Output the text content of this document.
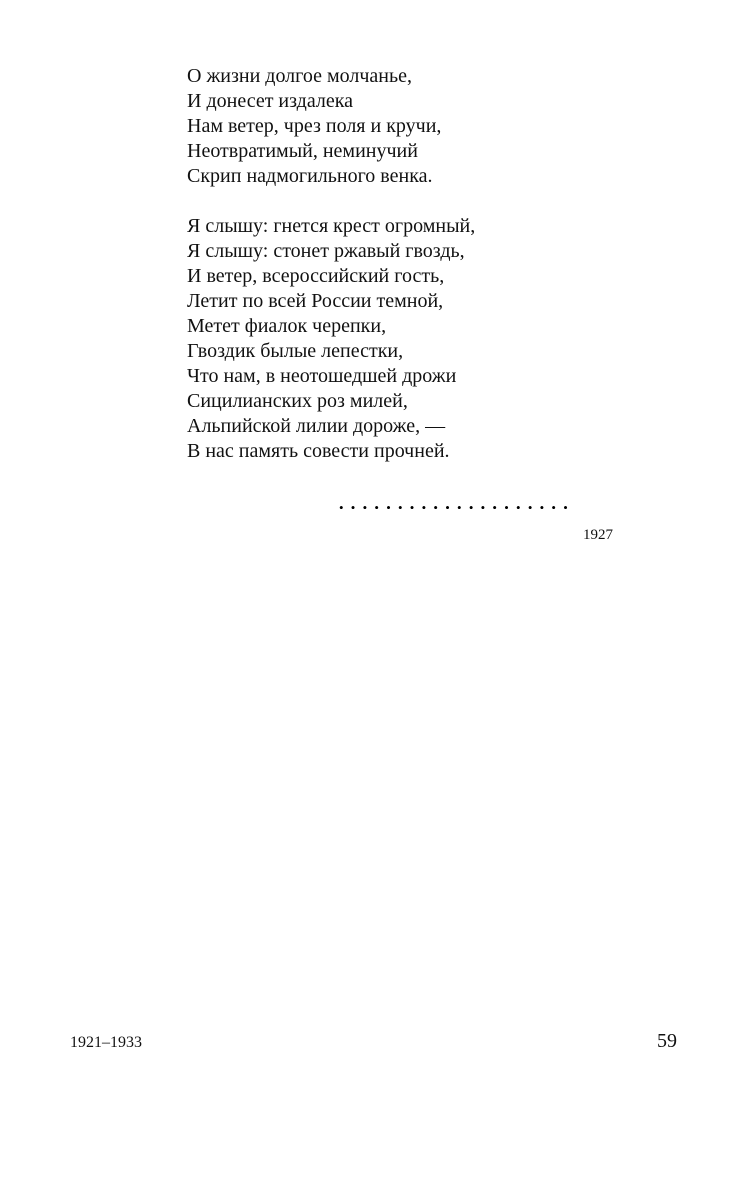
О жизни долгое молчанье,
И донесет издалека
Нам ветер, чрез поля и кручи,
Неотвратимый, неминучий
Скрип надмогильного венка.
Я слышу: гнется крест огромный,
Я слышу: стонет ржавый гвоздь,
И ветер, всероссийский гость,
Летит по всей России темной,
Метет фиалок черепки,
Гвоздик былые лепестки,
Что нам, в неотошедшей дрожи
Сицилианских роз милей,
Альпийской лилии дороже, —
В нас память совести прочней.
• • • • • • • • • • • • • • • • • • • •
1927
1921–1933	59
